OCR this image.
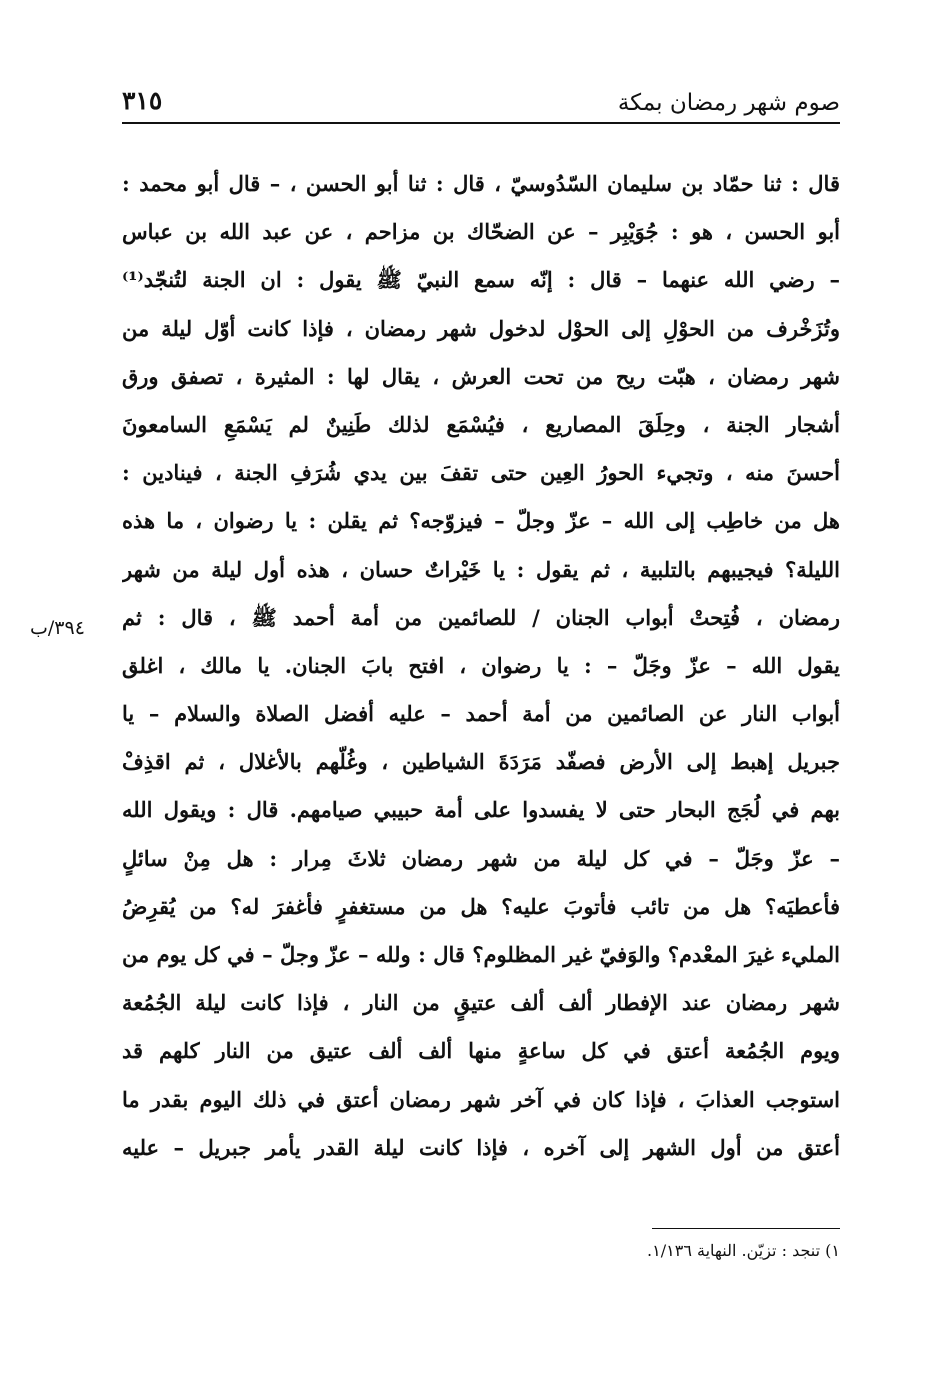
صوم شهر رمضان بمكة
٣١٥
قال : ثنا حمّاد بن سليمان السّدُوسيّ ، قال : ثنا أبو الحسن ، – قال أبو محمد :
أبو الحسن ، هو : جُوَيْبِر – عن الضحّاك بن مزاحم ، عن عبد الله بن عباس
– رضي الله عنهما – قال : إنّه سمع النبيّ ﷺ يقول : ان الجنة لتُنجّد⁽¹⁾
وتُزَخْرف من الحوْلِ إلى الحوْل لدخول شهر رمضان ، فإذا كانت أوّل ليلة من
شهر رمضان ، هبّت ريح من تحت العرش ، يقال لها : المثيرة ، تصفق ورق
أشجار الجنة ، وحِلَقَ المصاريع ، فيُسْمَع لذلك طَنِينٌ لم يَسْمَعِ السامعونَ
أحسنَ منه ، وتجيء الحورُ العِين حتى تقفَ بين يدي شُرَفِ الجنة ، فينادين :
هل من خاطِب إلى الله – عزّ وجلّ – فيزوّجه؟ ثم يقلن : يا رضوان ، ما هذه
الليلة؟ فيجيبهم بالتلبية ، ثم يقول : يا خَيْراتٌ حسان ، هذه أول ليلة من شهر
رمضان ، فُتِحتْ أبواب الجنان / للصائمين من أمة أحمد ﷺ ، قال : ثم
يقول الله – عزّ وجَلّ – : يا رضوان ، افتح بابَ الجنان. يا مالك ، اغلق
أبواب النار عن الصائمين من أمة أحمد – عليه أفضل الصلاة والسلام – يا
جبريل إهبط إلى الأرض فصفّد مَرَدَةَ الشياطين ، وغُلّهم بالأغلال ، ثم اقذِفْ
بهم في لُجَج البحار حتى لا يفسدوا على أمة حبيبي صيامهم. قال : ويقول الله
– عزّ وجَلّ – في كل ليلة من شهر رمضان ثلاثَ مِرار : هل مِنْ سائلٍ
فأعطيَه؟ هل من تائب فأتوبَ عليه؟ هل من مستغفرٍ فأغفرَ له؟ من يُقرِضُ
المليء غيرَ المعْدم؟ والوَفيّ غير المظلوم؟ قال : ولله – عزّ وجلّ – في كل يوم من
شهر رمضان عند الإفطار ألف ألف عتيقٍ من النار ، فإذا كانت ليلة الجُمُعة
ويوم الجُمُعة أعتق في كل ساعةٍ منها ألف ألف عتيق من النار كلهم قد
استوجب العذابَ ، فإذا كان في آخر شهر رمضان أعتق في ذلك اليوم بقدر ما
أعتق من أول الشهر إلى آخره ، فإذا كانت ليلة القدر يأمر جبريل – عليه
٣٩٤/ب
١) تنجد : تزيّن. النهاية ١/١٣٦.
